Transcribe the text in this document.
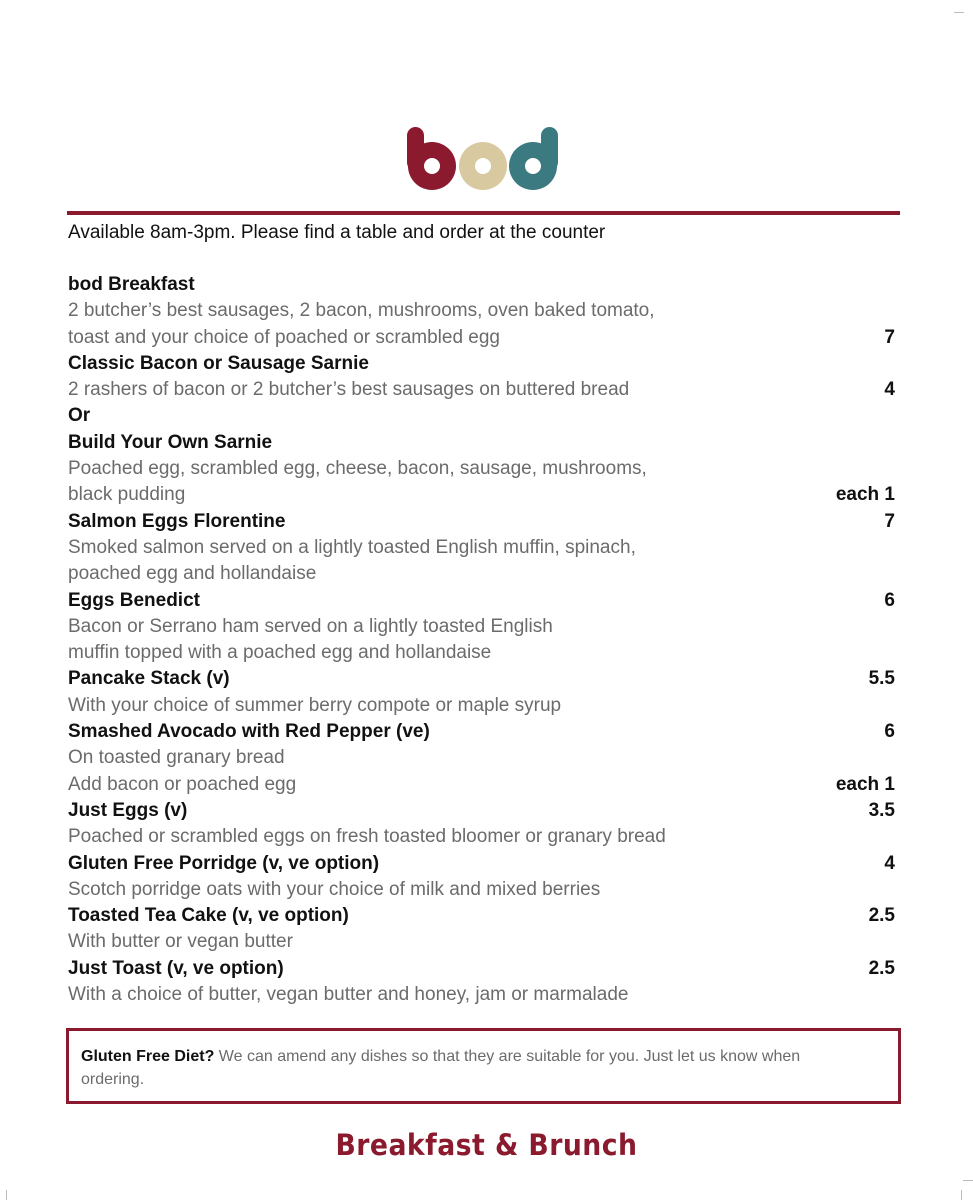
Available 8am-3pm. Please find a table and order at the counter
bod Breakfast
2 butcher’s best sausages, 2 bacon, mushrooms, oven baked tomato,
toast and your choice of poached or scrambled egg	7
Classic Bacon or Sausage Sarnie
2 rashers of bacon or 2 butcher’s best sausages on buttered bread	4
Or
Build Your Own Sarnie
Poached egg, scrambled egg, cheese, bacon, sausage, mushrooms,
black pudding	each 1
Salmon Eggs Florentine	7
Smoked salmon served on a lightly toasted English muffin, spinach,
poached egg and hollandaise
Eggs Benedict	6
Bacon or Serrano ham served on a lightly toasted English
muffin topped with a poached egg and hollandaise
Pancake Stack (v)	5.5
With your choice of summer berry compote or maple syrup
Smashed Avocado with Red Pepper (ve)	6
On toasted granary bread
Add bacon or poached egg	each 1
Just Eggs (v)	3.5
Poached or scrambled eggs on fresh toasted bloomer or granary bread
Gluten Free Porridge (v, ve option)	4
Scotch porridge oats with your choice of milk and mixed berries
Toasted Tea Cake (v, ve option)	2.5
With butter or vegan butter
Just Toast (v, ve option)	2.5
With a choice of butter, vegan butter and honey, jam or marmalade
Gluten Free Diet? We can amend any dishes so that they are suitable for you. Just let us know when ordering.
Breakfast & Brunch
